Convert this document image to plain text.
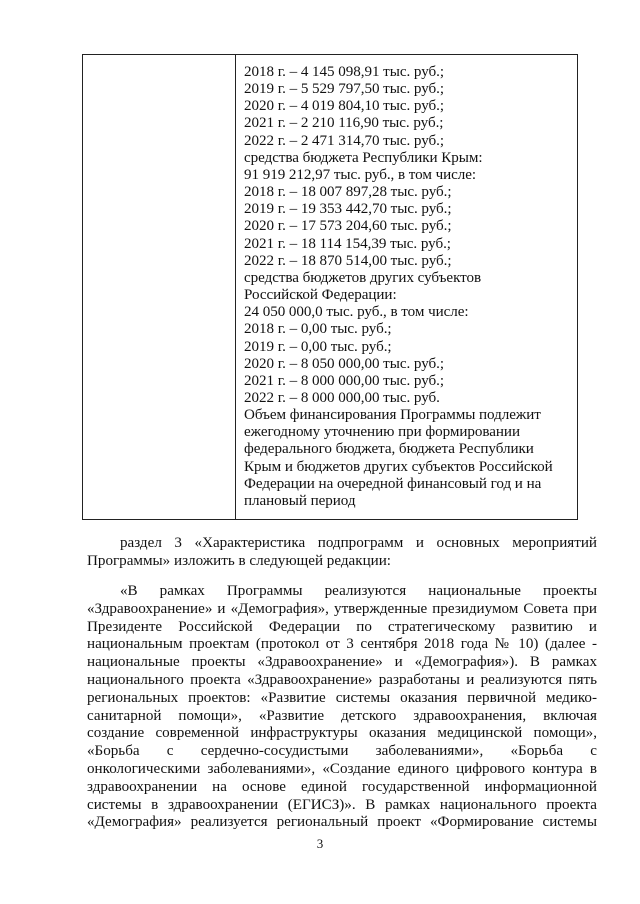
2018 г. – 4 145 098,91 тыс. руб.;
2019 г. – 5 529 797,50 тыс. руб.;
2020 г. – 4 019 804,10 тыс. руб.;
2021 г. – 2 210 116,90 тыс. руб.;
2022 г. – 2 471 314,70 тыс. руб.;
средства бюджета Республики Крым:
91 919 212,97 тыс. руб., в том числе:
2018 г. – 18 007 897,28 тыс. руб.;
2019 г. – 19 353 442,70 тыс. руб.;
2020 г. – 17 573 204,60 тыс. руб.;
2021 г. – 18 114 154,39 тыс. руб.;
2022 г. – 18 870 514,00 тыс. руб.;
средства бюджетов других субъектов
Российской Федерации:
24 050 000,0 тыс. руб., в том числе:
2018 г. – 0,00 тыс. руб.;
2019 г. – 0,00 тыс. руб.;
2020 г. – 8 050 000,00 тыс. руб.;
2021 г. – 8 000 000,00 тыс. руб.;
2022 г. – 8 000 000,00 тыс. руб.
Объем финансирования Программы подлежит
ежегодному уточнению при формировании
федерального бюджета, бюджета Республики
Крым и бюджетов других субъектов Российской
Федерации на очередной финансовый год и на
плановый период
раздел 3 «Характеристика подпрограмм и основных мероприятий
Программы» изложить в следующей редакции:
«В рамках Программы реализуются национальные проекты
«Здравоохранение» и «Демография», утвержденные президиумом Совета при
Президенте Российской Федерации по стратегическому развитию и
национальным проектам (протокол от 3 сентября 2018 года № 10) (далее -
национальные проекты «Здравоохранение» и «Демография»). В рамках
национального проекта «Здравоохранение» разработаны и реализуются пять
региональных проектов: «Развитие системы оказания первичной медико-
санитарной помощи», «Развитие детского здравоохранения, включая
создание современной инфраструктуры оказания медицинской помощи»,
«Борьба с сердечно-сосудистыми заболеваниями», «Борьба с
онкологическими заболеваниями», «Создание единого цифрового контура в
здравоохранении на основе единой государственной информационной
системы в здравоохранении (ЕГИСЗ)». В рамках национального проекта
«Демография» реализуется региональный проект «Формирование системы
3
